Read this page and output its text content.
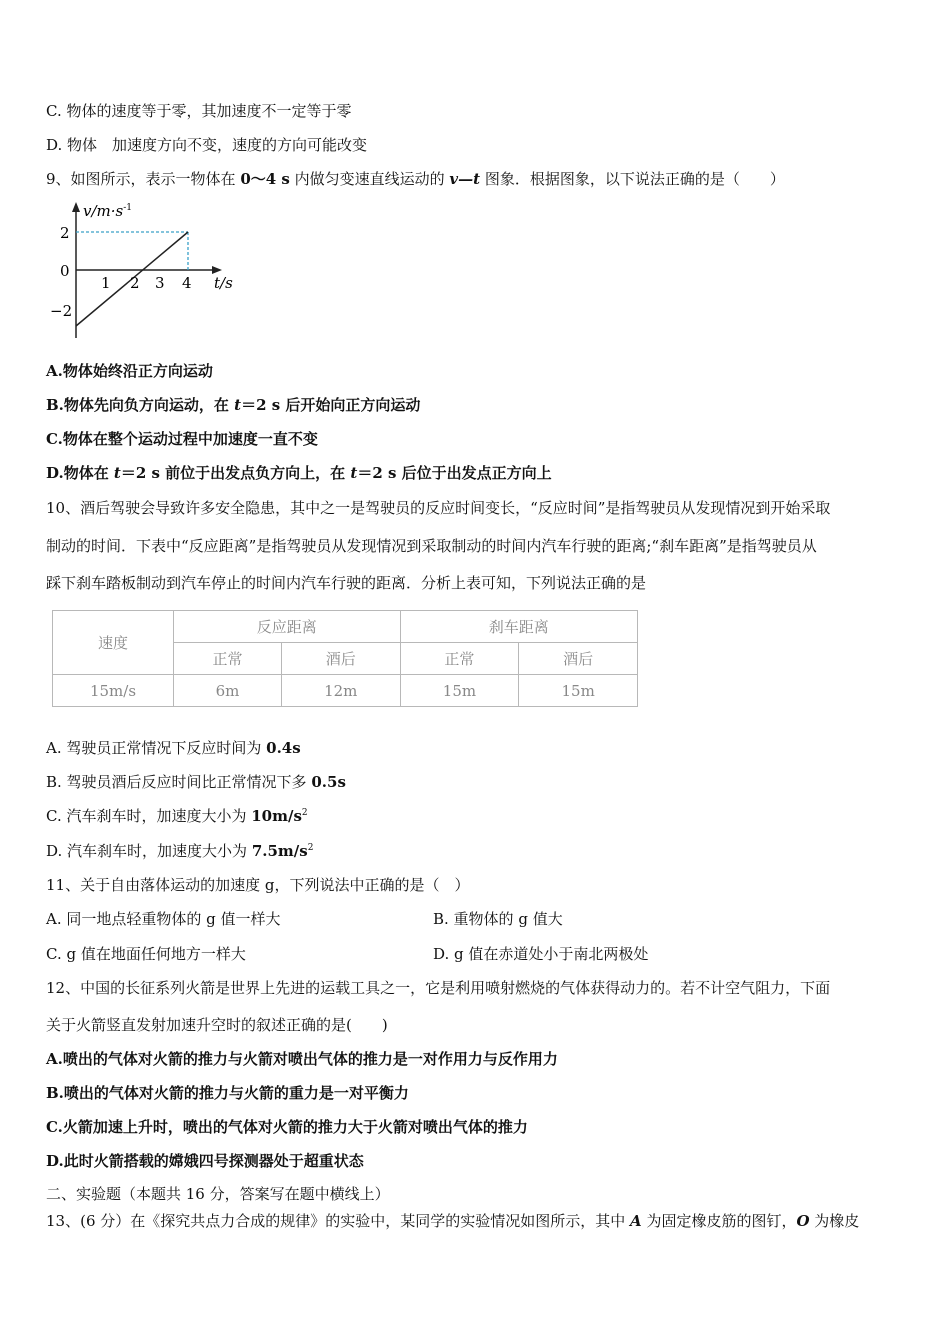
C. 物体的速度等于零，其加速度不一定等于零
D. 物体　加速度方向不变，速度的方向可能改变
9、如图所示，表示一物体在 0～4 s 内做匀变速直线运动的 v—t 图象．根据图象，以下说法正确的是（　　）
$v/m\cdot s^{-1}$
2
0
−2
1 2 3 4 t/s
A.物体始终沿正方向运动
B.物体先向负方向运动，在 t＝2 s 后开始向正方向运动
C.物体在整个运动过程中加速度一直不变
D.物体在 t＝2 s 前位于出发点负方向上，在 t＝2 s 后位于出发点正方向上
10、酒后驾驶会导致许多安全隐患，其中之一是驾驶员的反应时间变长，“反应时间”是指驾驶员从发现情况到开始采取
制动的时间．下表中“反应距离”是指驾驶员从发现情况到采取制动的时间内汽车行驶的距离;“刹车距离”是指驾驶员从
踩下刹车踏板制动到汽车停止的时间内汽车行驶的距离．分析上表可知，下列说法正确的是
速度	反应距离		刹车距离	
	正常	酒后	正常	酒后
15m/s	6m	12m	15m	15m
A. 驾驶员正常情况下反应时间为 0.4s
B. 驾驶员酒后反应时间比正常情况下多 0.5s
C. 汽车刹车时，加速度大小为 $10m/s^2$
D. 汽车刹车时，加速度大小为 $7.5m/s^2$
11、关于自由落体运动的加速度 g，下列说法中正确的是（　）
A. 同一地点轻重物体的 g 值一样大	B. 重物体的 g 值大
C. g 值在地面任何地方一样大	D. g 值在赤道处小于南北两极处
12、中国的长征系列火箭是世界上先进的运载工具之一，它是利用喷射燃烧的气体获得动力的。若不计空气阻力，下面
关于火箭竖直发射加速升空时的叙述正确的是(　　)
A.喷出的气体对火箭的推力与火箭对喷出气体的推力是一对作用力与反作用力
B.喷出的气体对火箭的推力与火箭的重力是一对平衡力
C.火箭加速上升时，喷出的气体对火箭的推力大于火箭对喷出气体的推力
D.此时火箭搭载的嫦娥四号探测器处于超重状态
二、实验题（本题共 16 分，答案写在题中横线上）
13、(6 分）在《探究共点力合成的规律》的实验中，某同学的实验情况如图所示，其中 A 为固定橡皮筋的图钉，O 为橡皮
